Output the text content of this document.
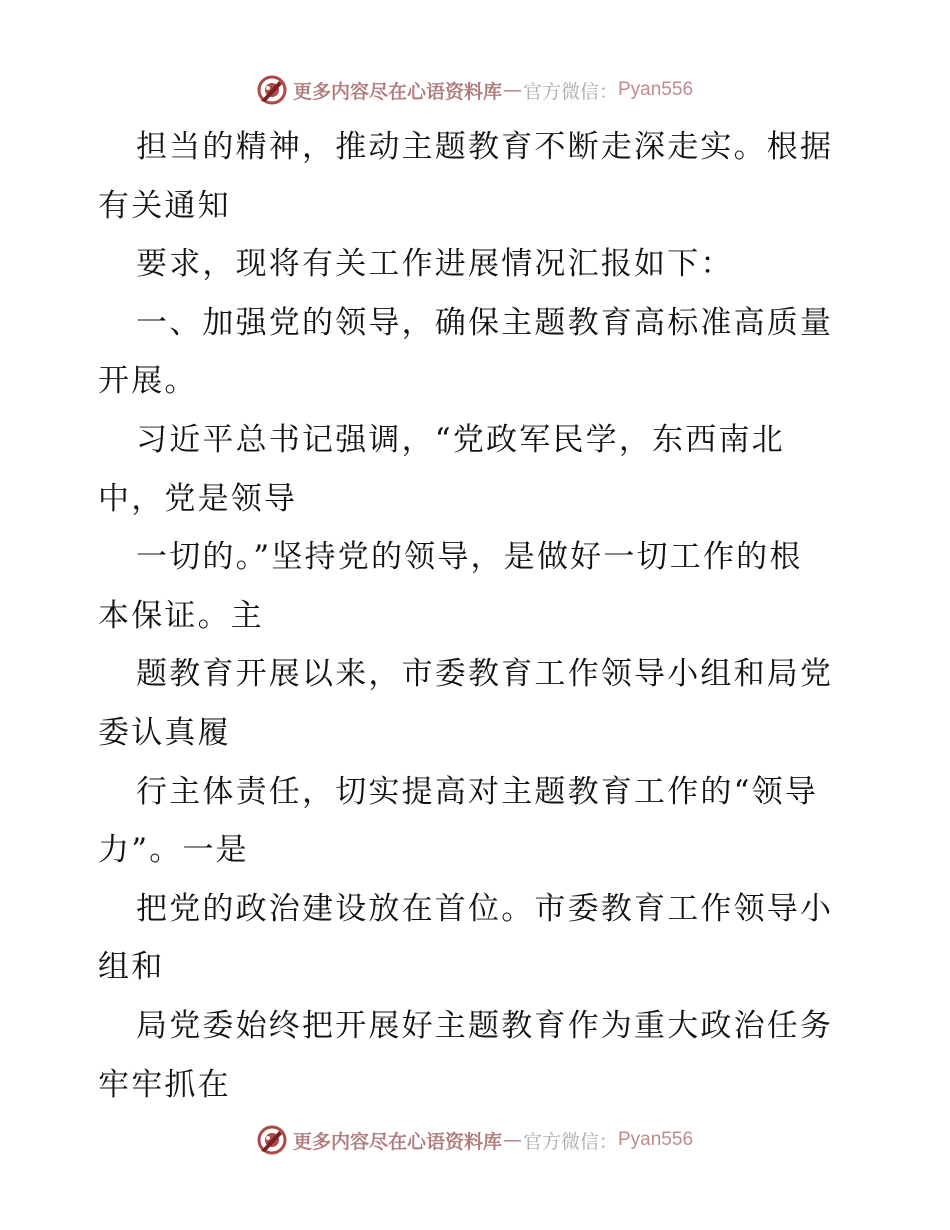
更多内容尽在心语资料库 — 官方微信： Pyan556
担当的精神，推动主题教育不断走深走实。根据
有关通知
要求，现将有关工作进展情况汇报如下：
一、加强党的领导，确保主题教育高标准高质量
开展。
习近平总书记强调，“党政军民学，东西南北
中，党是领导
一切的。”坚持党的领导，是做好一切工作的根
本保证。主
题教育开展以来，市委教育工作领导小组和局党
委认真履
行主体责任，切实提高对主题教育工作的“领导
力”。一是
把党的政治建设放在首位。市委教育工作领导小
组和
局党委始终把开展好主题教育作为重大政治任务
牢牢抓在
更多内容尽在心语资料库 — 官方微信： Pyan556
